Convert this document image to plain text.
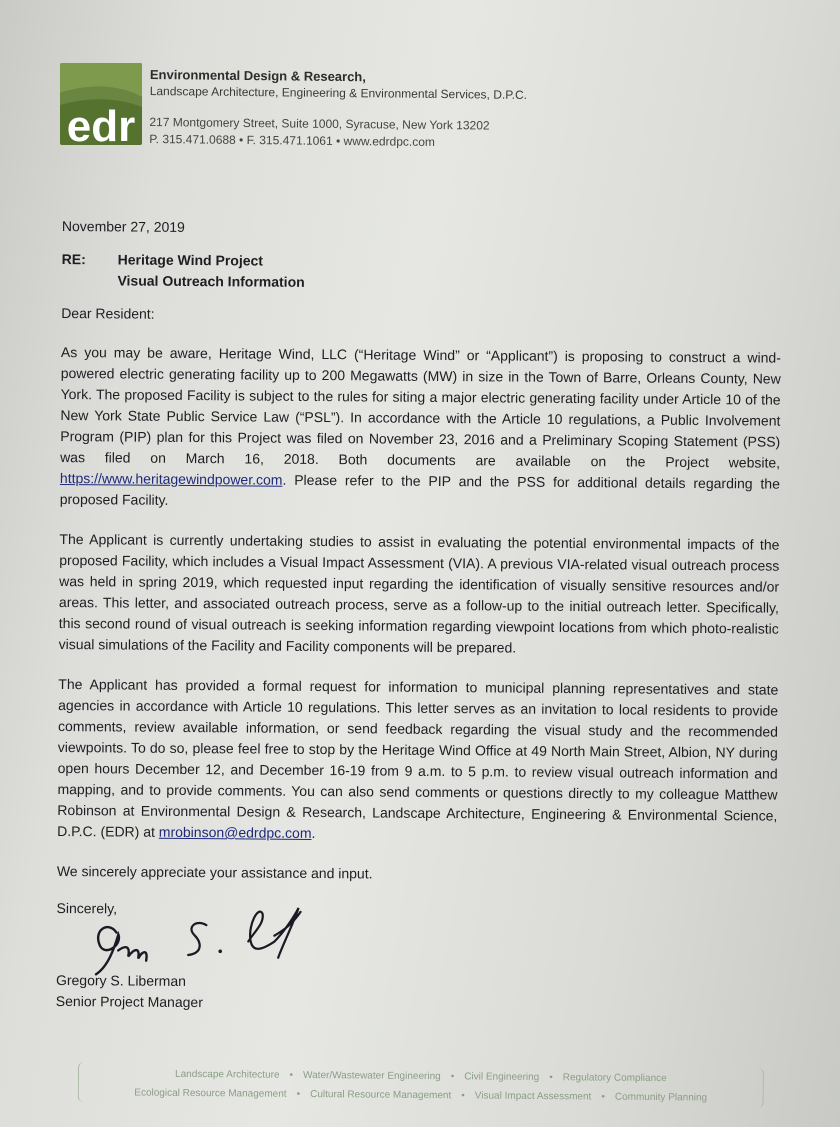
edr
Environmental Design & Research,
Landscape Architecture, Engineering & Environmental Services, D.P.C.
217 Montgomery Street, Suite 1000, Syracuse, New York 13202
P. 315.471.0688 • F. 315.471.1061 • www.edrdpc.com
November 27, 2019
RE:	Heritage Wind Project
Visual Outreach Information
Dear Resident:

As you may be aware, Heritage Wind, LLC (“Heritage Wind” or “Applicant”) is proposing to construct a wind-powered electric generating facility up to 200 Megawatts (MW) in size in the Town of Barre, Orleans County, New York. The proposed Facility is subject to the rules for siting a major electric generating facility under Article 10 of the New York State Public Service Law (“PSL”). In accordance with the Article 10 regulations, a Public Involvement Program (PIP) plan for this Project was filed on November 23, 2016 and a Preliminary Scoping Statement (PSS) was filed on March 16, 2018. Both documents are available on the Project website, https://www.heritagewindpower.com. Please refer to the PIP and the PSS for additional details regarding the proposed Facility.

The Applicant is currently undertaking studies to assist in evaluating the potential environmental impacts of the proposed Facility, which includes a Visual Impact Assessment (VIA). A previous VIA-related visual outreach process was held in spring 2019, which requested input regarding the identification of visually sensitive resources and/or areas. This letter, and associated outreach process, serve as a follow-up to the initial outreach letter. Specifically, this second round of visual outreach is seeking information regarding viewpoint locations from which photo-realistic visual simulations of the Facility and Facility components will be prepared.

The Applicant has provided a formal request for information to municipal planning representatives and state agencies in accordance with Article 10 regulations. This letter serves as an invitation to local residents to provide comments, review available information, or send feedback regarding the visual study and the recommended viewpoints. To do so, please feel free to stop by the Heritage Wind Office at 49 North Main Street, Albion, NY during open hours December 12, and December 16-19 from 9 a.m. to 5 p.m. to review visual outreach information and mapping, and to provide comments. You can also send comments or questions directly to my colleague Matthew Robinson at Environmental Design & Research, Landscape Architecture, Engineering & Environmental Science, D.P.C. (EDR) at mrobinson@edrdpc.com.

We sincerely appreciate your assistance and input.
Sincerely,
Gregory S. Liberman
Senior Project Manager
Landscape Architecture • Water/Wastewater Engineering • Civil Engineering • Regulatory Compliance
Ecological Resource Management • Cultural Resource Management • Visual Impact Assessment • Community Planning
